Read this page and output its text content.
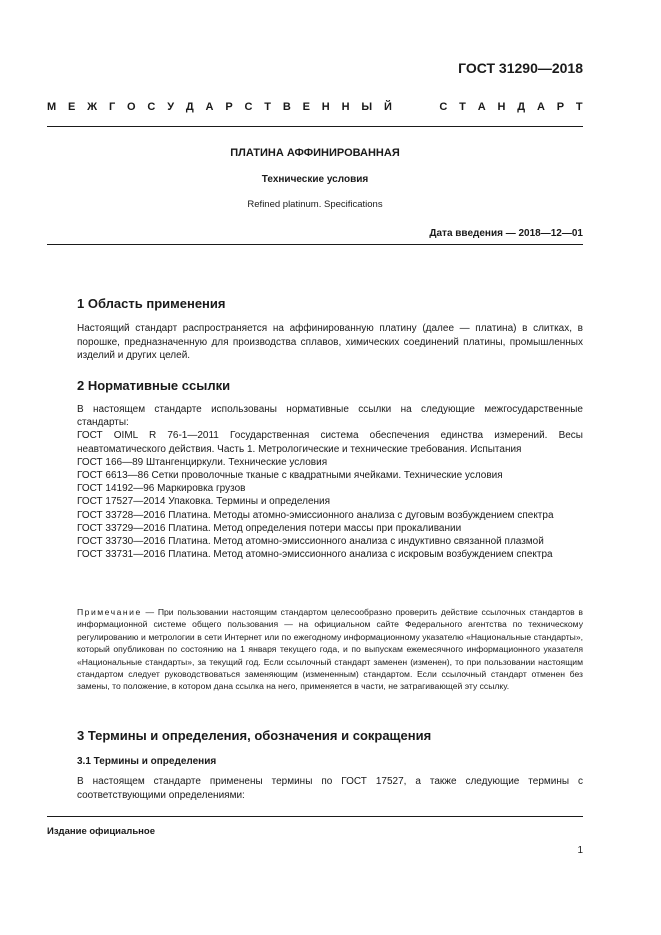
ГОСТ 31290—2018
М Е Ж Г О С У Д А Р С Т В Е Н Н Ы Й	С Т А Н Д А Р Т
ПЛАТИНА АФФИНИРОВАННАЯ
Технические условия
Refined platinum. Specifications
Дата введения — 2018—12—01
1 Область применения

Настоящий стандарт распространяется на аффинированную платину (далее — платина) в слитках, в порошке, предназначенную для производства сплавов, химических соединений платины, промышленных изделий и других целей.

2 Нормативные ссылки

В настоящем стандарте использованы нормативные ссылки на следующие межгосударственные стандарты:

ГОСТ OIML R 76-1—2011 Государственная система обеспечения единства измерений. Весы неавтоматического действия. Часть 1. Метрологические и технические требования. Испытания

ГОСТ 166—89 Штангенциркули. Технические условия

ГОСТ 6613—86 Сетки проволочные тканые с квадратными ячейками. Технические условия

ГОСТ 14192—96 Маркировка грузов

ГОСТ 17527—2014 Упаковка. Термины и определения

ГОСТ 33728—2016 Платина. Методы атомно-эмиссионного анализа с дуговым возбуждением спектра

ГОСТ 33729—2016 Платина. Метод определения потери массы при прокаливании

ГОСТ 33730—2016 Платина. Метод атомно-эмиссионного анализа с индуктивно связанной плазмой

ГОСТ 33731—2016 Платина. Метод атомно-эмиссионного анализа с искровым возбуждением спектра

Примечание — При пользовании настоящим стандартом целесообразно проверить действие ссылочных стандартов в информационной системе общего пользования — на официальном сайте Федерального агентства по техническому регулированию и метрологии в сети Интернет или по ежегодному информационному указателю «Национальные стандарты», который опубликован по состоянию на 1 января текущего года, и по выпускам ежемесячного информационного указателя «Национальные стандарты», за текущий год. Если ссылочный стандарт заменен (изменен), то при пользовании настоящим стандартом следует руководствоваться заменяющим (измененным) стандартом. Если ссылочный стандарт отменен без замены, то положение, в котором дана ссылка на него, применяется в части, не затрагивающей эту ссылку.

3 Термины и определения, обозначения и сокращения
3.1 Термины и определения

В настоящем стандарте применены термины по ГОСТ 17527, а также следующие термины с соответствующими определениями:

Издание официальное
1
